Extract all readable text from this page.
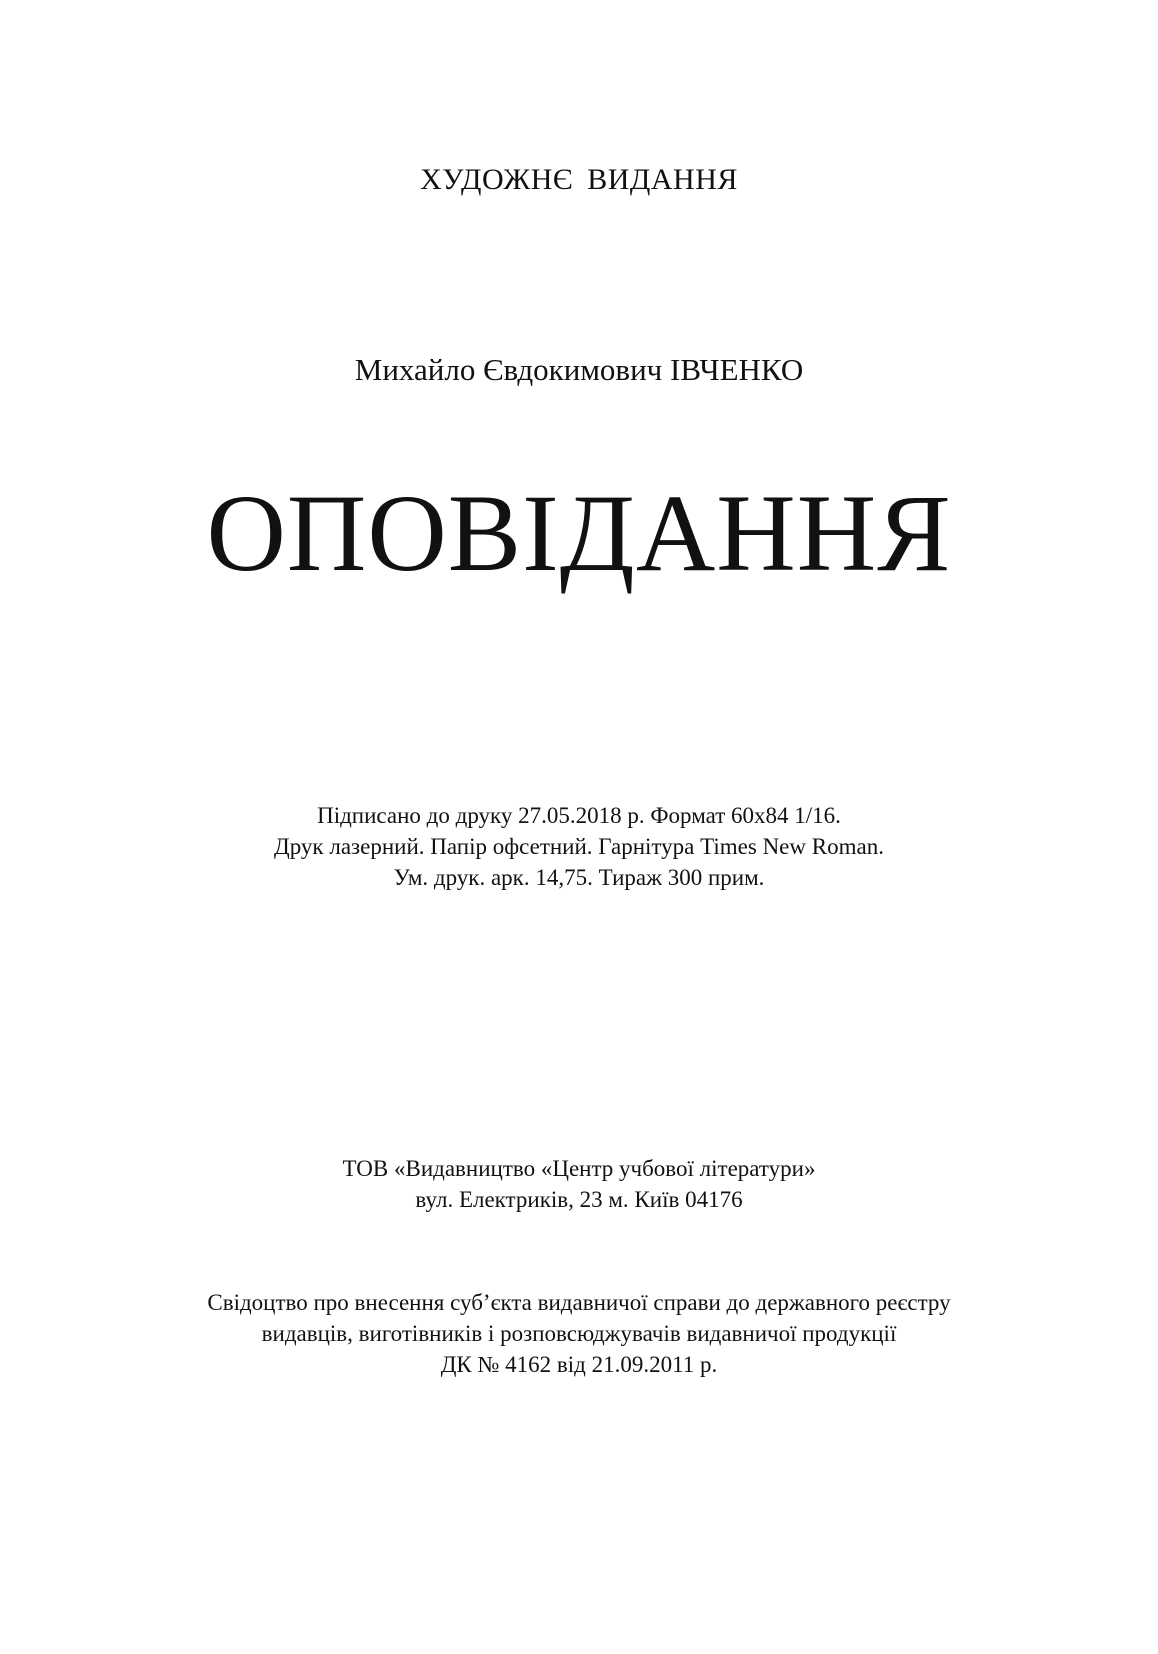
ХУДОЖНЄ ВИДАННЯ
Михайло Євдокимович ІВЧЕНКО
ОПОВІДАННЯ
Підписано до друку 27.05.2018 р. Формат 60х84 1/16.
Друк лазерний. Папір офсетний. Гарнітура Times New Roman.
Ум. друк. арк. 14,75. Тираж 300 прим.
ТОВ «Видавництво «Центр учбової літератури»
вул. Електриків, 23 м. Київ 04176
Свідоцтво про внесення суб’єкта видавничої справи до державного реєстру
видавців, виготівників і розповсюджувачів видавничої продукції
ДК № 4162 від 21.09.2011 р.
